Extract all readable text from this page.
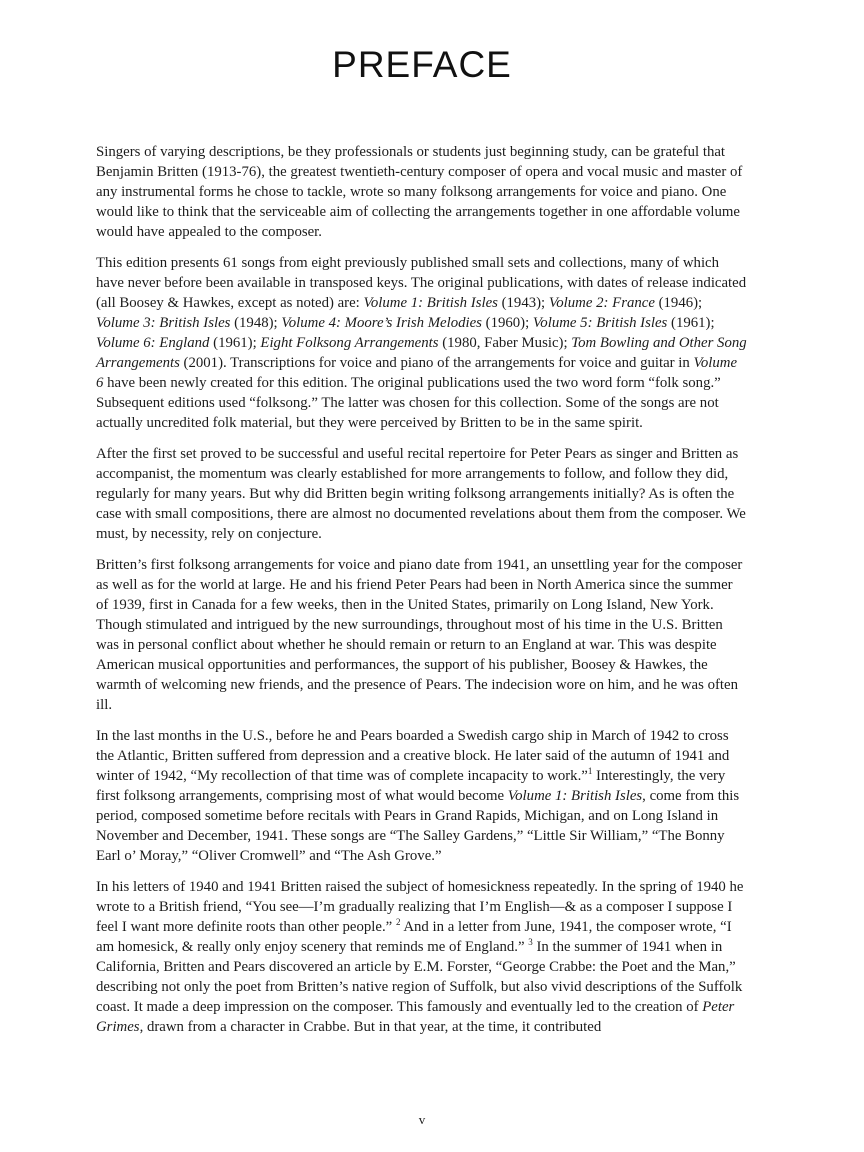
PREFACE

Singers of varying descriptions, be they professionals or students just beginning study, can be grateful that Benjamin Britten (1913-76), the greatest twentieth-century composer of opera and vocal music and master of any instrumental forms he chose to tackle, wrote so many folksong arrangements for voice and piano. One would like to think that the serviceable aim of collecting the arrangements together in one affordable volume would have appealed to the composer.

This edition presents 61 songs from eight previously published small sets and collections, many of which have never before been available in transposed keys. The original publications, with dates of release indicated (all Boosey & Hawkes, except as noted) are: Volume 1: British Isles (1943); Volume 2: France (1946); Volume 3: British Isles (1948); Volume 4: Moore’s Irish Melodies (1960); Volume 5: British Isles (1961); Volume 6: England (1961); Eight Folksong Arrangements (1980, Faber Music); Tom Bowling and Other Song Arrangements (2001). Transcriptions for voice and piano of the arrangements for voice and guitar in Volume 6 have been newly created for this edition. The original publications used the two word form “folk song.” Subsequent editions used “folksong.” The latter was chosen for this collection. Some of the songs are not actually uncredited folk material, but they were perceived by Britten to be in the same spirit.

After the first set proved to be successful and useful recital repertoire for Peter Pears as singer and Britten as accompanist, the momentum was clearly established for more arrangements to follow, and follow they did, regularly for many years. But why did Britten begin writing folksong arrangements initially? As is often the case with small compositions, there are almost no documented revelations about them from the composer. We must, by necessity, rely on conjecture.

Britten’s first folksong arrangements for voice and piano date from 1941, an unsettling year for the composer as well as for the world at large. He and his friend Peter Pears had been in North America since the summer of 1939, first in Canada for a few weeks, then in the United States, primarily on Long Island, New York. Though stimulated and intrigued by the new surroundings, throughout most of his time in the U.S. Britten was in personal conflict about whether he should remain or return to an England at war. This was despite American musical opportunities and performances, the support of his publisher, Boosey & Hawkes, the warmth of welcoming new friends, and the presence of Pears. The indecision wore on him, and he was often ill.

In the last months in the U.S., before he and Pears boarded a Swedish cargo ship in March of 1942 to cross the Atlantic, Britten suffered from depression and a creative block. He later said of the autumn of 1941 and winter of 1942, “My recollection of that time was of complete incapacity to work.”$^1$ Interestingly, the very first folksong arrangements, comprising most of what would become Volume 1: British Isles, come from this period, composed sometime before recitals with Pears in Grand Rapids, Michigan, and on Long Island in November and December, 1941. These songs are “The Salley Gardens,” “Little Sir William,” “The Bonny Earl o’ Moray,” “Oliver Cromwell” and “The Ash Grove.”

In his letters of 1940 and 1941 Britten raised the subject of homesickness repeatedly. In the spring of 1940 he wrote to a British friend, “You see—I’m gradually realizing that I’m English—& as a composer I suppose I feel I want more definite roots than other people.” $^2$ And in a letter from June, 1941, the composer wrote, “I am homesick, & really only enjoy scenery that reminds me of England.” $^3$ In the summer of 1941 when in California, Britten and Pears discovered an article by E.M. Forster, “George Crabbe: the Poet and the Man,” describing not only the poet from Britten’s native region of Suffolk, but also vivid descriptions of the Suffolk coast. It made a deep impression on the composer. This famously and eventually led to the creation of Peter Grimes, drawn from a character in Crabbe. But in that year, at the time, it contributed

v
